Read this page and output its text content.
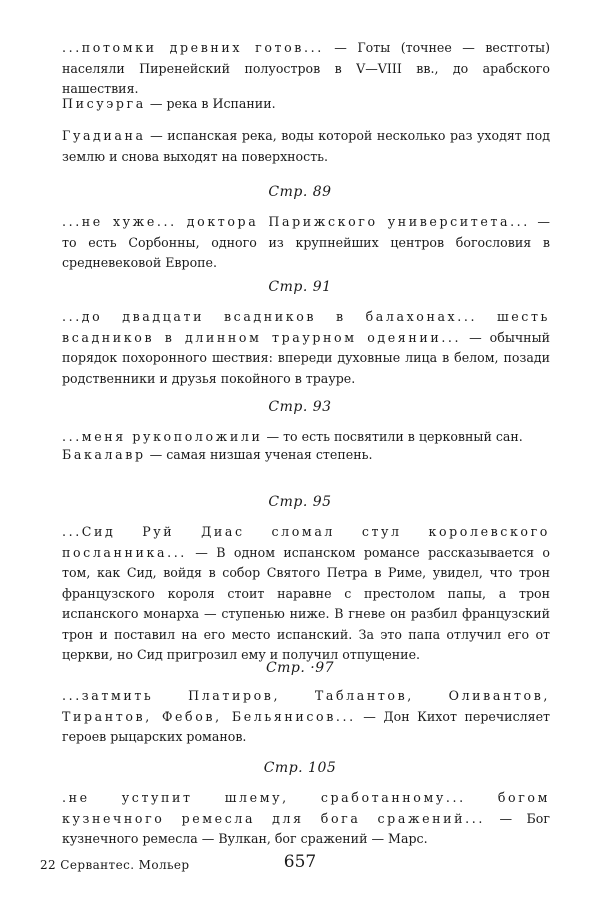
...потомки древних готов... — Готы (точнее — вестготы) населяли Пиренейский полуостров в V—VIII вв., до арабского нашествия.

Писуэрга — река в Испании.

Гуадиана — испанская река, воды которой несколько раз уходят под землю и снова выходят на поверхность.

Стр. 89

...не хуже... доктора Парижского университета... — то есть Сорбонны, одного из крупнейших центров богословия в средневековой Европе.

Стр. 91

...до двадцати всадников в балахонах... шесть всадников в длинном траурном одеянии... — обычный порядок похоронного шествия: впереди духовные лица в белом, позади родственники и друзья покойного в трауре.

Стр. 93

...меня рукоположили — то есть посвятили в церковный сан.

Бакалавр — самая низшая ученая степень.

Стр. 95

...Сид Руй Диас сломал стул королевского посланника... — В одном испанском романсе рассказывается о том, как Сид, войдя в собор Святого Петра в Риме, увидел, что трон французского короля стоит наравне с престолом папы, а трон испанского монарха — ступенью ниже. В гневе он разбил французский трон и поставил на его место испанский. За это папа отлучил его от церкви, но Сид пригрозил ему и получил отпущение.

Стр. ·97

...затмить Платиров, Таблантов, Оливантов, Тирантов, Фебов, Бельянисов... — Дон Кихот перечисляет героев рыцарских романов.

Стр. 105

.не уступит шлему, сработанному... богом кузнечного ремесла для бога сражений... — Бог кузнечного ремесла — Вулкан, бог сражений — Марс.

22 Сервантес. Мольер	657
